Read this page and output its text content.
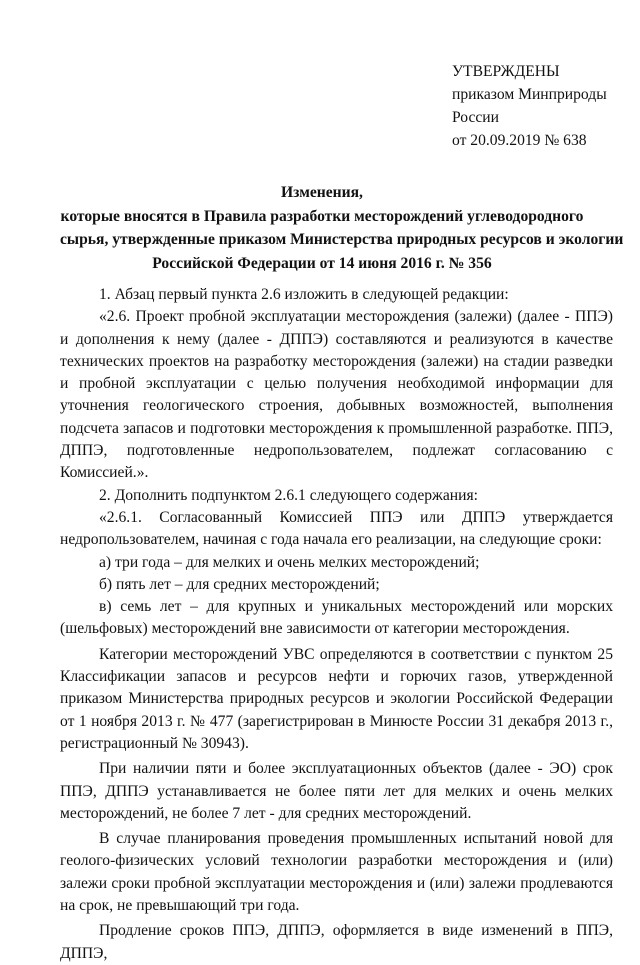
УТВЕРЖДЕНЫ
приказом Минприроды
России
от 20.09.2019 № 638
Изменения,
которые вносятся в Правила разработки месторождений углеводородного
сырья, утвержденные приказом Министерства природных ресурсов и экологии
Российской Федерации от 14 июня 2016 г. № 356

1. Абзац первый пункта 2.6 изложить в следующей редакции:

«2.6. Проект пробной эксплуатации месторождения (залежи) (далее - ППЭ) и дополнения к нему (далее - ДППЭ) составляются и реализуются в качестве технических проектов на разработку месторождения (залежи) на стадии разведки и пробной эксплуатации с целью получения необходимой информации для уточнения геологического строения, добывных возможностей, выполнения подсчета запасов и подготовки месторождения к промышленной разработке. ППЭ, ДППЭ, подготовленные недропользователем, подлежат согласованию с Комиссией.».

2. Дополнить подпунктом 2.6.1 следующего содержания:

«2.6.1. Согласованный Комиссией ППЭ или ДППЭ утверждается недропользователем, начиная с года начала его реализации, на следующие сроки:

а) три года – для мелких и очень мелких месторождений;

б) пять лет – для средних месторождений;

в) семь лет – для крупных и уникальных месторождений или морских (шельфовых) месторождений вне зависимости от категории месторождения.

Категории месторождений УВС определяются в соответствии с пунктом 25 Классификации запасов и ресурсов нефти и горючих газов, утвержденной приказом Министерства природных ресурсов и экологии Российской Федерации от 1 ноября 2013 г. № 477 (зарегистрирован в Минюсте России 31 декабря 2013 г., регистрационный № 30943).

При наличии пяти и более эксплуатационных объектов (далее - ЭО) срок ППЭ, ДППЭ устанавливается не более пяти лет для мелких и очень мелких месторождений, не более 7 лет - для средних месторождений.

В случае планирования проведения промышленных испытаний новой для геолого-физических условий технологии разработки месторождения и (или) залежи сроки пробной эксплуатации месторождения и (или) залежи продлеваются на срок, не превышающий три года.

Продление сроков ППЭ, ДППЭ, оформляется в виде изменений в ППЭ, ДППЭ,
